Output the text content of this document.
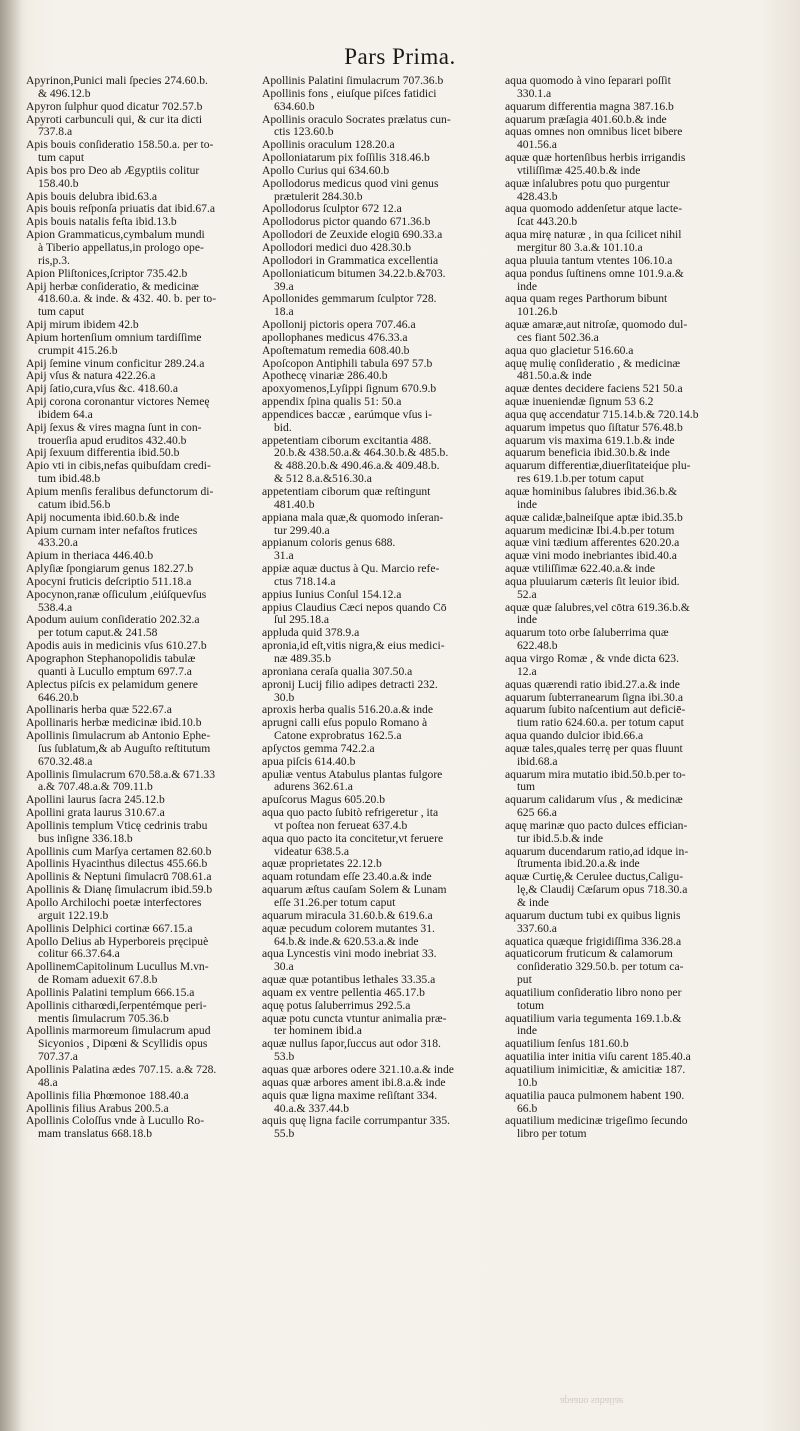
Pars Prima.
Apyrinon,Punici mali ſpecies 274.60.b.
& 496.12.b
Apyron ſulphur quod dicatur 702.57.b
Apyroti carbunculi qui, & cur ita dicti
737.8.a
Apis bouis conſideratio 158.50.a. per to-
tum caput
Apis bos pro Deo ab Ægyptiis colitur
158.40.b
Apis bouis delubra ibid.63.a
Apis bouis reſponſa priuatis dat ibid.67.a
Apis bouis natalis feſta ibid.13.b
Apion Grammaticus,cymbalum mundi
à Tiberio appellatus,in prologo ope-
ris,p.3.
Apion Pliſtonices,ſcriptor 735.42.b
Apij herbæ conſideratio, & medicinæ
418.60.a. & inde. & 432. 40. b. per to-
tum caput
Apij mirum ibidem 42.b
Apium hortenſium omnium tardiſſime
crumpit 415.26.b
Apij ſemine vinum conficitur 289.24.a
Apij vſus & natura 422.26.a
Apij ſatio,cura,vſus &c. 418.60.a
Apij corona coronantur victores Nemeę
ibidem 64.a
Apij ſexus & vires magna ſunt in con-
trouerſia apud eruditos 432.40.b
Apij ſexuum differentia ibid.50.b
Apio vti in cibis,nefas quibuſdam credi-
tum ibid.48.b
Apium menſis feralibus defunctorum di-
catum ibid.56.b
Apij nocumenta ibid.60.b.& inde
Apium curnam inter nefaſtos frutices
433.20.a
Apium in theriaca 446.40.b
Aplyſiæ ſpongiarum genus 182.27.b
Apocyni fruticis deſcriptio 511.18.a
Apocynon,ranæ oſſiculum ,eiúſquevſus
538.4.a
Apodum auium conſideratio 202.32.a
per totum caput.& 241.58
Apodis auis in medicinis vſus 610.27.b
Apographon Stephanopolidis tabulæ
quanti à Lucullo emptum 697.7.a
Aplectus piſcis ex pelamidum genere
646.20.b
Apollinaris herba quæ 522.67.a
Apollinaris herbæ medicinæ ibid.10.b
Apollinis ſimulacrum ab Antonio Ephe-
ſus ſublatum,& ab Auguſto reſtitutum
670.32.48.a
Apollinis ſimulacrum 670.58.a.& 671.33
a.& 707.48.a.& 709.11.b
Apollini laurus ſacra 245.12.b
Apollini grata laurus 310.67.a
Apollinis templum Vticę cedrinis trabu
bus inſigne 336.18.b
Apollinis cum Marſya certamen 82.60.b
Apollinis Hyacinthus dilectus 455.66.b
Apollinis & Neptuni ſimulacrū 708.61.a
Apollinis & Dianę ſimulacrum ibid.59.b
Apollo Archilochi poetæ interfectores
arguit 122.19.b
Apollinis Delphici cortinæ 667.15.a
Apollo Delius ab Hyperboreis pręcipuè
colitur 66.37.64.a
ApollinemCapitolinum Lucullus M.vn-
de Romam aduexit 67.8.b
Apollinis Palatini templum 666.15.a
Apollinis citharœdi,ſerpentémque peri-
mentis ſimulacrum 705.36.b
Apollinis marmoreum ſimulacrum apud
Sicyonios , Dipœni & Scyllidis opus
707.37.a
Apollinis Palatina ædes 707.15. a.& 728.
48.a
Apollinis filia Phœmonoe 188.40.a
Apollinis filius Arabus 200.5.a
Apollinis Coloſſus vnde à Lucullo Ro-
mam translatus 668.18.b
Apollinis Palatini ſimulacrum 707.36.b
Apollinis fons , eiuſque piſces fatidici
634.60.b
Apollinis oraculo Socrates prælatus cun-
ctis 123.60.b
Apollinis oraculum 128.20.a
Apolloniatarum pix foſſilis 318.46.b
Apollo Curius qui 634.60.b
Apollodorus medicus quod vini genus
prætulerit 284.30.b
Apollodorus ſculptor 672 12.a
Apollodorus pictor quando 671.36.b
Apollodori de Zeuxide elogiū 690.33.a
Apollodori medici duo 428.30.b
Apollodori in Grammatica excellentia
Apolloniaticum bitumen 34.22.b.&703.
39.a
Apollonides gemmarum ſculptor 728.
18.a
Apollonij pictoris opera 707.46.a
apollophanes medicus 476.33.a
Apoſtematum remedia 608.40.b
Apoſcopon Antiphili tabula 697 57.b
Apothecę vinariæ 286.40.b
apoxyomenos,Lyſippi ſignum 670.9.b
appendix ſpina qualis 51: 50.a
appendices baccæ , earúmque vſus i-
bid.
appetentiam ciborum excitantia 488.
20.b.& 438.50.a.& 464.30.b.& 485.b.
& 488.20.b.& 490.46.a.& 409.48.b.
& 512 8.a.&516.30.a
appetentiam ciborum quæ reſtingunt
481.40.b
appiana mala quæ,& quomodo inſeran-
tur 299.40.a
appianum coloris genus 688.
31.a
appiæ aquæ ductus à Qu. Marcio refe-
ctus 718.14.a
appius Iunius Conſul 154.12.a
appius Claudius Cæci nepos quando Cō
ſul 295.18.a
appluda quid 378.9.a
apronia,id eſt,vitis nigra,& eius medici-
næ 489.35.b
aproniana ceraſa qualia 307.50.a
apronij Lucij filio adipes detracti 232.
30.b
aproxis herba qualis 516.20.a.& inde
aprugni calli eſus populo Romano à
Catone exprobratus 162.5.a
apſyctos gemma 742.2.a
apua piſcis 614.40.b
apuliæ ventus Atabulus plantas fulgore
adurens 362.61.a
apuſcorus Magus 605.20.b
aqua quo pacto ſubitò refrigeretur , ita
vt poſtea non ferueat 637.4.b
aqua quo pacto ita concitetur,vt feruere
videatur 638.5.a
aquæ proprietates 22.12.b
aquam rotundam eſſe 23.40.a.& inde
aquarum æſtus cauſam Solem & Lunam
eſſe 31.26.per totum caput
aquarum miracula 31.60.b.& 619.6.a
aquæ pecudum colorem mutantes 31.
64.b.& inde.& 620.53.a.& inde
aqua Lyncestis vini modo inebriat 33.
30.a
aquæ quæ potantibus lethales 33.35.a
aquam ex ventre pellentia 465.17.b
aquę potus ſaluberrimus 292.5.a
aquæ potu cuncta vtuntur animalia præ-
ter hominem ibid.a
aquæ nullus ſapor,ſuccus aut odor 318.
53.b
aquas quæ arbores odere 321.10.a.& inde
aquas quæ arbores ament ibi.8.a.& inde
aquis quæ ligna maxime reſiſtant 334.
40.a.& 337.44.b
aquis quę ligna facile corrumpantur 335.
55.b
aqua quomodo à vino ſeparari poſſit
330.1.a
aquarum differentia magna 387.16.b
aquarum præſagia 401.60.b.& inde
aquas omnes non omnibus licet bibere
401.56.a
aquæ quæ hortenſibus herbis irrigandis
vtiliſſimæ 425.40.b.& inde
aquæ inſalubres potu quo purgentur
428.43.b
aqua quomodo addenſetur atque lacte-
ſcat 443.20.b
aqua mirę naturæ , in qua ſcilicet nihil
mergitur 80 3.a.& 101.10.a
aqua pluuia tantum vtentes 106.10.a
aqua pondus ſuſtinens omne 101.9.a.&
inde
aqua quam reges Parthorum bibunt
101.26.b
aquæ amaræ,aut nitroſæ, quomodo dul-
ces fiant 502.36.a
aqua quo glacietur 516.60.a
aquę mulię conſideratio , & medicinæ
481.50.a.& inde
aquæ dentes decidere faciens 521 50.a
aquæ inueniendæ ſignum 53 6.2
aqua quę accendatur 715.14.b.& 720.14.b
aquarum impetus quo ſiſtatur 576.48.b
aquarum vis maxima 619.1.b.& inde
aquarum beneficia ibid.30.b.& inde
aquarum differentiæ,diuerſitateiq́ue plu-
res 619.1.b.per totum caput
aquæ hominibus ſalubres ibid.36.b.&
inde
aquæ calidæ,balneiſque aptæ ibid.35.b
aquarum medicinæ Ibi.4.b.per totum
aquæ vini tædium afferentes 620.20.a
aquæ vini modo inebriantes ibid.40.a
aquæ vtiliſſimæ 622.40.a.& inde
aqua pluuiarum cæteris ſit leuior ibid.
52.a
aquæ quæ ſalubres,vel cōtra 619.36.b.&
inde
aquarum toto orbe ſaluberrima quæ
622.48.b
aqua virgo Romæ , & vnde dicta 623.
12.a
aquas quærendi ratio ibid.27.a.& inde
aquarum ſubterranearum ſigna ibi.30.a
aquarum ſubito naſcentium aut deficiē-
tium ratio 624.60.a. per totum caput
aqua quando dulcior ibid.66.a
aquæ tales,quales terrę per quas fluunt
ibid.68.a
aquarum mira mutatio ibid.50.b.per to-
tum
aquarum calidarum vſus , & medicinæ
625 66.a
aquę marinæ quo pacto dulces effician-
tur ibid.5.b.& inde
aquarum ducendarum ratio,ad idque in-
ſtrumenta ibid.20.a.& inde
aquæ Curtię,& Cerulee ductus,Caligu-
lę,& Claudij Cæſarum opus 718.30.a
& inde
aquarum ductum tubi ex quibus lignis
337.60.a
aquatica quæque frigidiſſima 336.28.a
aquaticorum fruticum & calamorum
conſideratio 329.50.b. per totum ca-
put
aquatilium conſideratio libro nono per
totum
aquatilium varia tegumenta 169.1.b.&
inde
aquatilium ſenſus 181.60.b
aquatilia inter initia viſu carent 185.40.a
aquatilium inimicitiæ, & amicitiæ 187.
10.b
aquatilia pauca pulmonem habent 190.
66.b
aquatilium medicinæ trigeſimo ſecundo
libro per totum
apaano subaiiae
